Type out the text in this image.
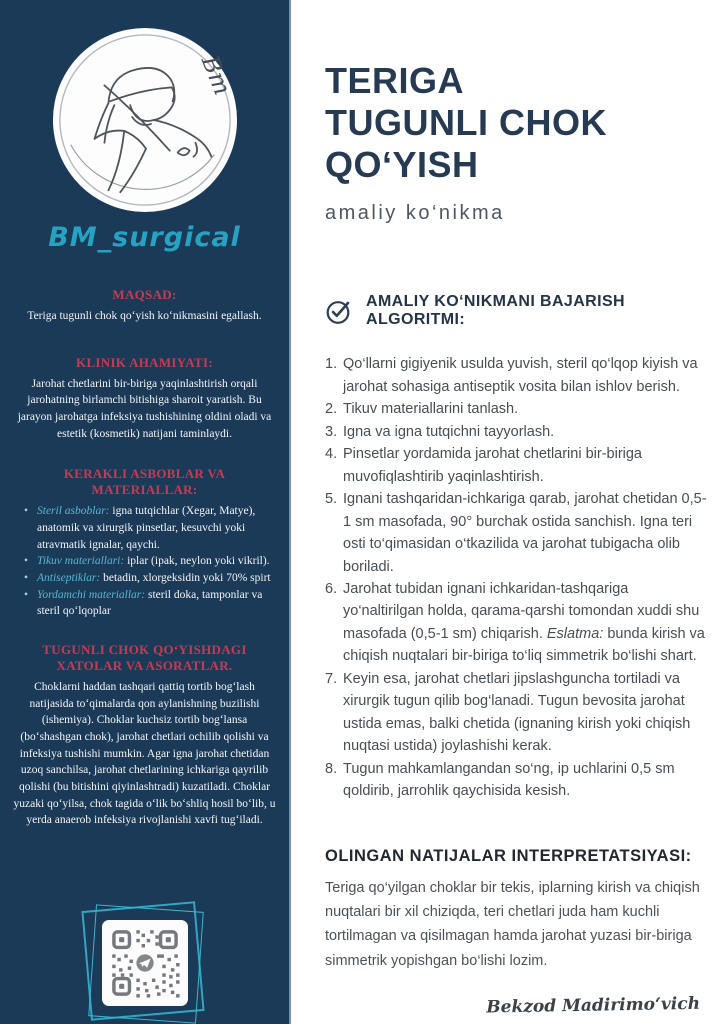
Bm
BM_surgical
MAQSAD:

Teriga tugunli chok qo‘yish ko‘nikmasini egallash.

KLINIK AHAMIYATI:

Jarohat chetlarini bir-biriga yaqinlashtirish orqali jarohatning birlamchi bitishiga sharoit yaratish. Bu jarayon jarohatga infeksiya tushishining oldini oladi va estetik (kosmetik) natijani taminlaydi.

KERAKLI ASBOBLAR VA MATERIALLAR:
• Steril asboblar: igna tutqichlar (Xegar, Matye), anatomik va xirurgik pinsetlar, kesuvchi yoki atravmatik ignalar, qaychi.
• Tikuv materiallari: iplar (ipak, neylon yoki vikril).
• Antiseptiklar: betadin, xlorgeksidin yoki 70% spirt
• Yordamchi materiallar: steril doka, tamponlar va steril qo‘lqoplar
TUGUNLI CHOK QO‘YISHDAGI XATOLAR VA ASORATLAR.

Choklarni haddan tashqari qattiq tortib bog‘lash natijasida to‘qimalarda qon aylanishning buzilishi (ishemiya). Choklar kuchsiz tortib bog‘lansa (bo‘shashgan chok), jarohat chetlari ochilib qolishi va infeksiya tushishi mumkin. Agar igna jarohat chetidan uzoq sanchilsa, jarohat chetlarining ichkariga qayrilib qolishi (bu bitishini qiyinlashtradi) kuzatiladi. Choklar yuzaki qo‘yilsa, chok tagida o‘lik bo‘shliq hosil bo‘lib, u yerda anaerob infeksiya rivojlanishi xavfi tug‘iladi.

TERIGA
TUGUNLI CHOK
QO‘YISH
amaliy ko‘nikma
AMALIY KO‘NIKMANI BAJARISH ALGORITMI:
Qo‘llarni gigiyenik usulda yuvish, steril qo‘lqop kiyish va jarohat sohasiga antiseptik vosita bilan ishlov berish.
Tikuv materiallarini tanlash.
Igna va igna tutqichni tayyorlash.
Pinsetlar yordamida jarohat chetlarini bir-biriga muvofiqlashtirib yaqinlashtirish.
Ignani tashqaridan-ichkariga qarab, jarohat chetidan 0,5-1 sm masofada, 90° burchak ostida sanchish. Igna teri osti to‘qimasidan o‘tkazilida va jarohat tubigacha olib boriladi.
Jarohat tubidan ignani ichkaridan-tashqariga yo‘naltirilgan holda, qarama-qarshi tomondan xuddi shu masofada (0,5-1 sm) chiqarish. Eslatma: bunda kirish va chiqish nuqtalari bir-biriga to‘liq simmetrik bo‘lishi shart.
Keyin esa, jarohat chetlari jipslashguncha tortiladi va xirurgik tugun qilib bog‘lanadi. Tugun bevosita jarohat ustida emas, balki chetida (ignaning kirish yoki chiqish nuqtasi ustida) joylashishi kerak.
Tugun mahkamlangandan so‘ng, ip uchlarini 0,5 sm qoldirib, jarrohlik qaychisida kesish.
OLINGAN NATIJALAR INTERPRETATSIYASI:

Teriga qo‘yilgan choklar bir tekis, iplarning kirish va chiqish nuqtalari bir xil chiziqda, teri chetlari juda ham kuchli tortilmagan va qisilmagan hamda jarohat yuzasi bir-biriga simmetrik yopishgan bo‘lishi lozim.

Bekzod Madirimo‘vich
